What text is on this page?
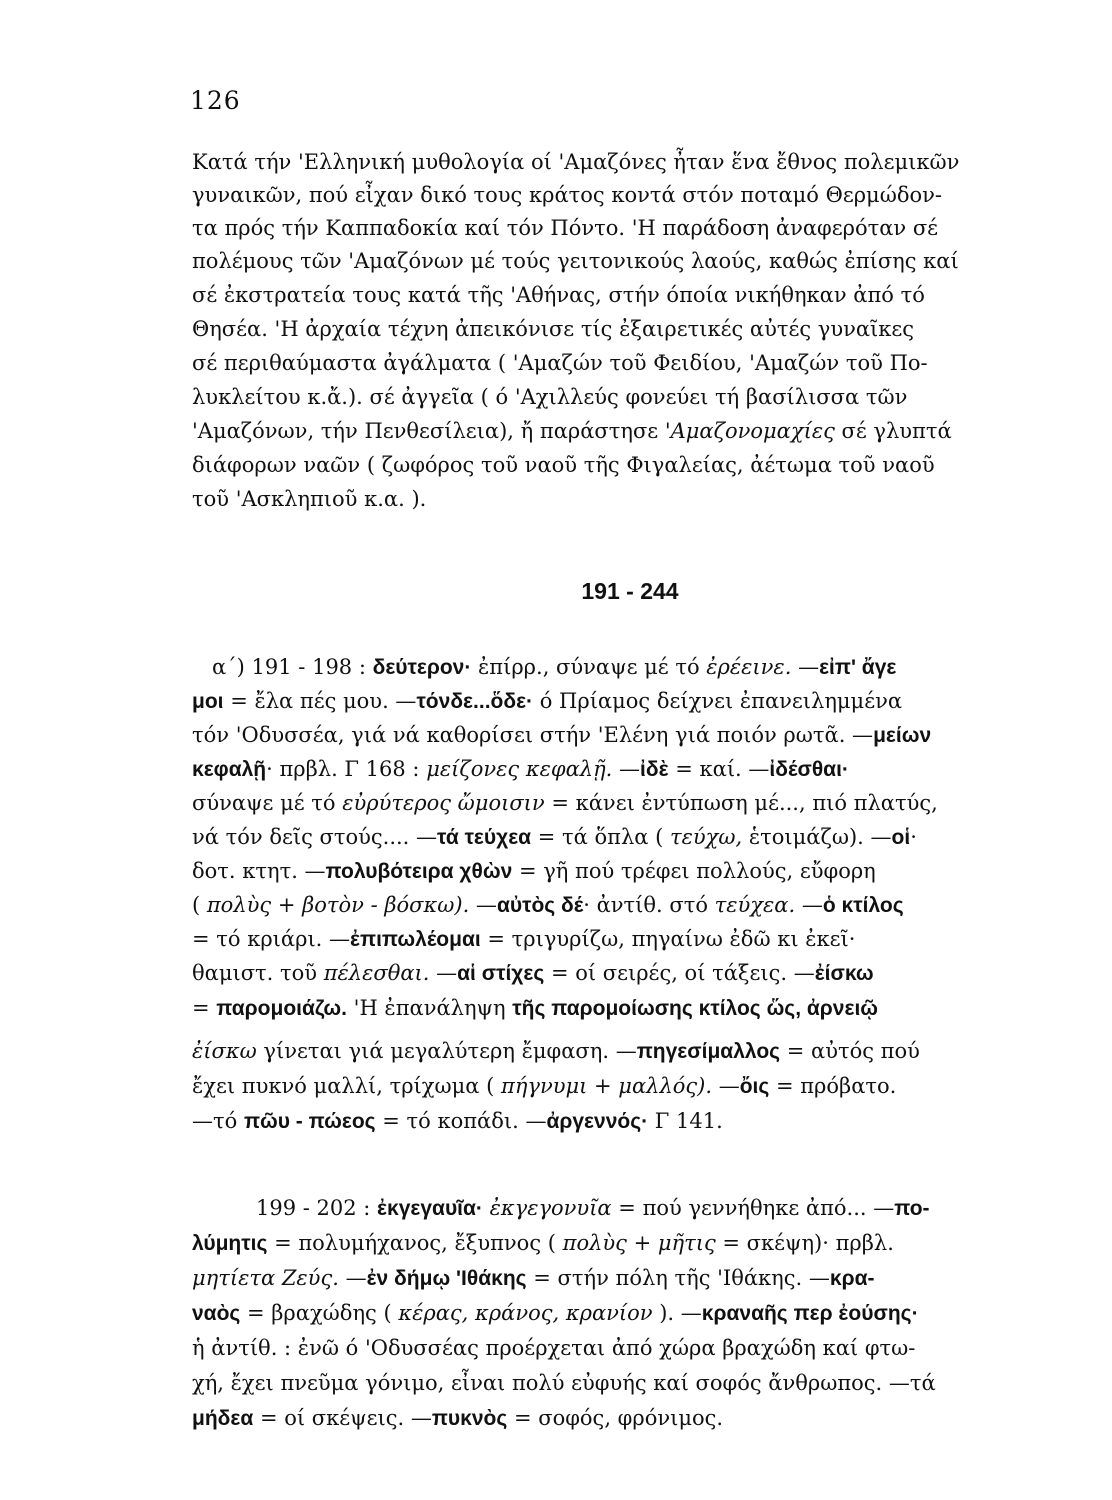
126
Κατά τήν 'Ελληνική μυθολογία οί 'Αμαζόνες ἦταν ἕνα ἔθνος πολεμικῶν
γυναικῶν, πού εἶχαν δικό τους κράτος κοντά στόν ποταμό Θερμώδον-
τα πρός τήν Καππαδοκία καί τόν Πόντο. 'Η παράδοση ἀναφερόταν σέ
πολέμους τῶν 'Αμαζόνων μέ τούς γειτονικούς λαούς, καθώς ἐπίσης καί
σέ ἐκστρατεία τους κατά τῆς 'Αθήνας, στήν όποία νικήθηκαν ἀπό τό
Θησέα. 'Η ἀρχαία τέχνη ἀπεικόνισε τίς ἐξαιρετικές αὐτές γυναῖκες
σέ περιθαύμαστα ἀγάλματα ( 'Αμαζών τοῦ Φειδίου, 'Αμαζών τοῦ Πο-
λυκλείτου κ.ἄ.). σέ ἀγγεῖα ( ό 'Αχιλλεύς φονεύει τή βασίλισσα τῶν
'Αμαζόνων, τήν Πενθεσίλεια), ἤ παράστησε 'Αμαζονομαχίες σέ γλυπτά
διάφορων ναῶν ( ζωφόρος τοῦ ναοῦ τῆς Φιγαλείας, ἀέτωμα τοῦ ναοῦ
τοῦ 'Ασκληπιοῦ κ.α. ).
191 - 244
α΄) 191 - 198 : δεύτερον· ἐπίρρ., σύναψε μέ τό ἐρέεινε. —εἰπ' ἄγε
μοι = ἔλα πές μου. —τόνδε...ὅδε· ό Πρίαμος δείχνει ἐπανειλημμένα
τόν 'Οδυσσέα, γιά νά καθορίσει στήν 'Ελένη γιά ποιόν ρωτᾶ. —μείων
κεφαλῇ· πρβλ. Γ 168 : μείζονες κεφαλῇ. —ἰδὲ = καί. —ἰδέσθαι·
σύναψε μέ τό εὐρύτερος ὤμοισιν = κάνει ἐντύπωση μέ..., πιό πλατύς,
νά τόν δεῖς στούς.... —τά τεύχεα = τά ὅπλα ( τεύχω, ἑτοιμάζω). —οἱ·
δοτ. κτητ. —πολυβότειρα χθὼν = γῆ πού τρέφει πολλούς, εὔφορη
( πολὺς + βοτὸν - βόσκω). —αὐτὸς δέ· ἀντίθ. στό τεύχεα. —ὁ κτίλος
= τό κριάρι. —ἐπιπωλέομαι = τριγυρίζω, πηγαίνω ἐδῶ κι ἐκεῖ·
θαμιστ. τοῦ πέλεσθαι. —αἱ στίχες = οί σειρές, οί τάξεις. —ἐίσκω
= παρομοιάζω. 'Η ἐπανάληψη τῆς παρομοίωσης κτίλος ὥς, ἀρνειῷ
ἐίσκω γίνεται γιά μεγαλύτερη ἔμφαση. —πηγεσίμαλλος = αὐτός πού
ἔχει πυκνό μαλλί, τρίχωμα ( πήγνυμι + μαλλός). —ὄις = πρόβατο.
—τό πῶυ - πώεος = τό κοπάδι. —ἀργεννός· Γ 141.
199 - 202 : ἐκγεγαυῖα· ἐκγεγονυῖα = πού γεννήθηκε ἀπό... —πο-
λύμητις = πολυμήχανος, ἔξυπνος ( πολὺς + μῆτις = σκέψη)· πρβλ.
μητίετα Ζεύς. —ἐν δήμῳ 'Ιθάκης = στήν πόλη τῆς 'Ιθάκης. —κρα-
ναὸς = βραχώδης ( κέρας, κράνος, κρανίον ). —κραναῆς περ ἐούσης·
ἡ ἀντίθ. : ἐνῶ ό 'Οδυσσέας προέρχεται ἀπό χώρα βραχώδη καί φτω-
χή, ἔχει πνεῦμα γόνιμο, εἶναι πολύ εὐφυής καί σοφός ἄνθρωπος. —τά
μήδεα = οί σκέψεις. —πυκνὸς = σοφός, φρόνιμος.
